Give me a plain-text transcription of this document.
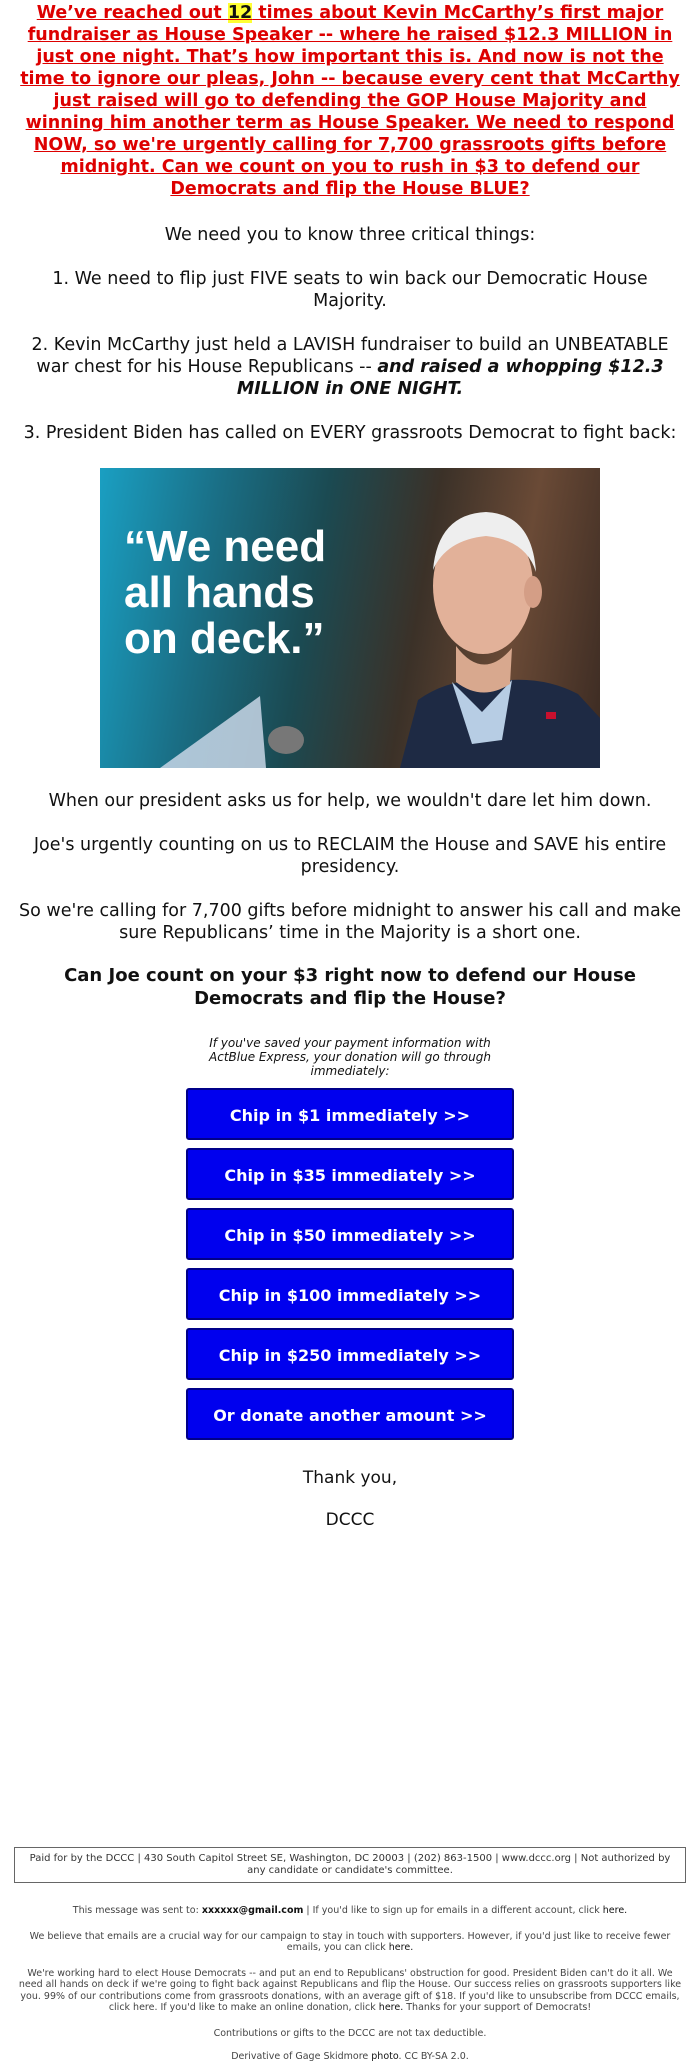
We’ve reached out 12 times about Kevin McCarthy’s first major fundraiser as House Speaker -- where he raised $12.3 MILLION in just one night. That’s how important this is. And now is not the time to ignore our pleas, John -- because every cent that McCarthy just raised will go to defending the GOP House Majority and winning him another term as House Speaker. We need to respond NOW, so we're urgently calling for 7,700 grassroots gifts before midnight. Can we count on you to rush in $3 to defend our Democrats and flip the House BLUE?

We need you to know three critical things:

1. We need to flip just FIVE seats to win back our Democratic House Majority.

2. Kevin McCarthy just held a LAVISH fundraiser to build an UNBEATABLE war chest for his House Republicans -- and raised a whopping $12.3 MILLION in ONE NIGHT.

3. President Biden has called on EVERY grassroots Democrat to fight back:

“We need
all hands
on deck.”

When our president asks us for help, we wouldn't dare let him down.

Joe's urgently counting on us to RECLAIM the House and SAVE his entire presidency.

So we're calling for 7,700 gifts before midnight to answer his call and make sure Republicans’ time in the Majority is a short one.

Can Joe count on your $3 right now to defend our House Democrats and flip the House?

If you've saved your payment information with ActBlue Express, your donation will go through immediately:

Chip in $1 immediately >>
Chip in $35 immediately >>
Chip in $50 immediately >>
Chip in $100 immediately >>
Chip in $250 immediately >>
Or donate another amount >>
Thank you,
DCCC
Paid for by the DCCC | 430 South Capitol Street SE, Washington, DC 20003 | (202) 863-1500 | www.dccc.org | Not authorized by any candidate or candidate's committee.

This message was sent to: xxxxxx@gmail.com | If you'd like to sign up for emails in a different account, click here.

We believe that emails are a crucial way for our campaign to stay in touch with supporters. However, if you'd just like to receive fewer emails, you can click here.

We're working hard to elect House Democrats -- and put an end to Republicans' obstruction for good. President Biden can't do it all. We need all hands on deck if we're going to fight back against Republicans and flip the House. Our success relies on grassroots supporters like you. 99% of our contributions come from grassroots donations, with an average gift of $18. If you'd like to unsubscribe from DCCC emails, click here. If you'd like to make an online donation, click here. Thanks for your support of Democrats!

Contributions or gifts to the DCCC are not tax deductible.

Derivative of Gage Skidmore photo. CC BY-SA 2.0.
